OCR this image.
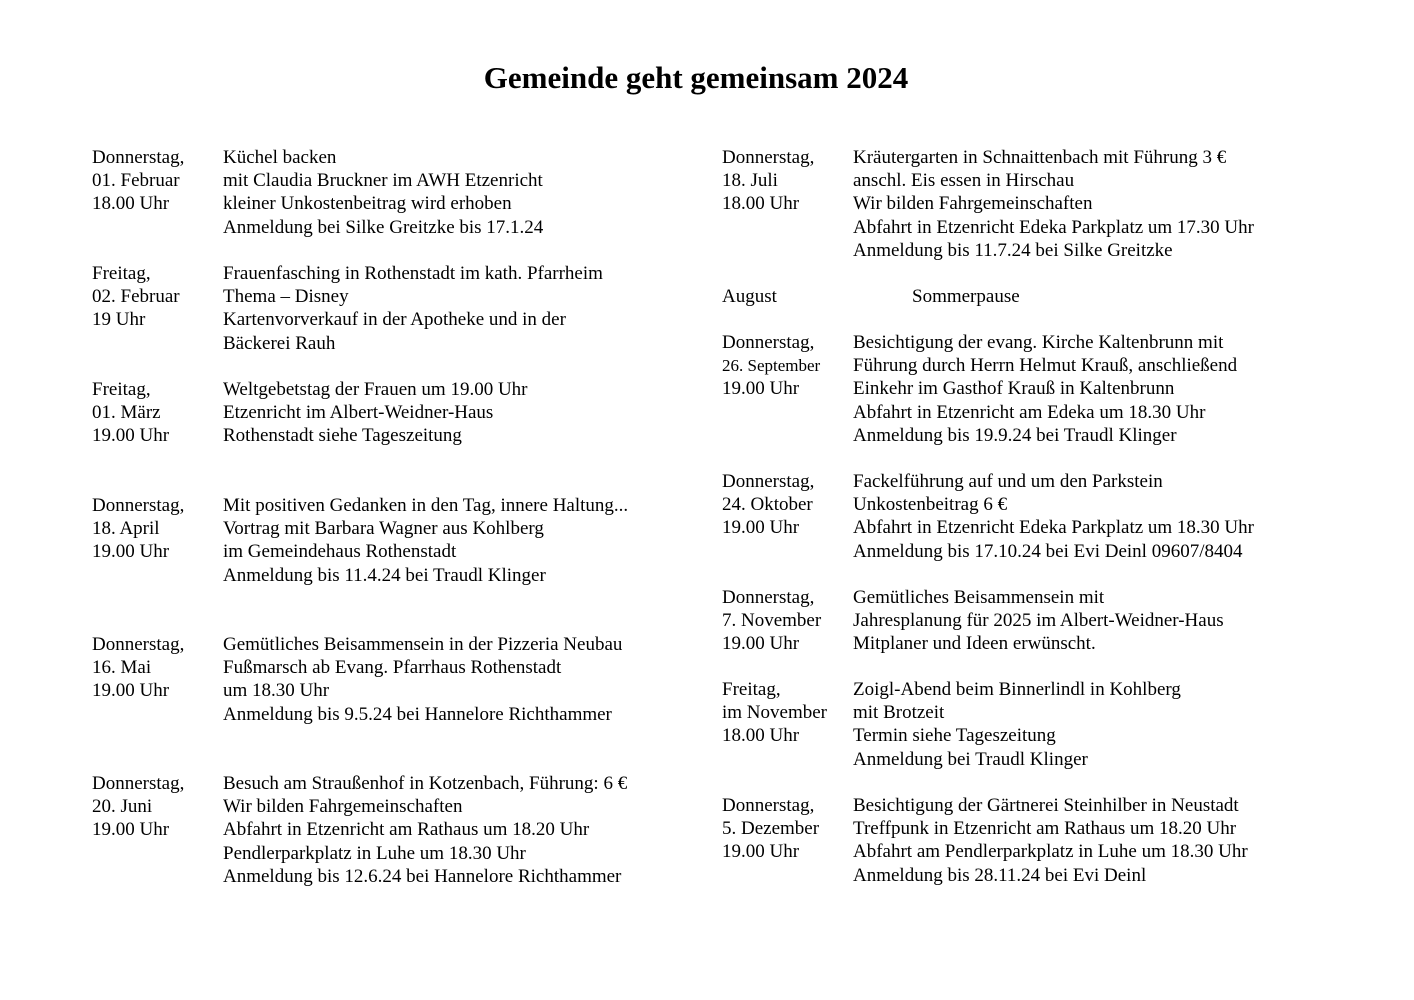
Gemeinde geht gemeinsam 2024
Donnerstag,
01. Februar
18.00 Uhr
Küchel backen
mit Claudia Bruckner im AWH Etzenricht
kleiner Unkostenbeitrag wird erhoben
Anmeldung bei Silke Greitzke bis 17.1.24
Freitag,
02. Februar
19 Uhr
Frauenfasching in Rothenstadt im kath. Pfarrheim
Thema – Disney
Kartenvorverkauf in der Apotheke und in der
Bäckerei Rauh
Freitag,
01. März
19.00 Uhr
Weltgebetstag der Frauen um 19.00 Uhr
Etzenricht im Albert-Weidner-Haus
Rothenstadt siehe Tageszeitung
Donnerstag,
18. April
19.00 Uhr
Mit positiven Gedanken in den Tag, innere Haltung...
Vortrag mit Barbara Wagner aus Kohlberg
im Gemeindehaus Rothenstadt
Anmeldung bis 11.4.24 bei Traudl Klinger
Donnerstag,
16. Mai
19.00 Uhr
Gemütliches Beisammensein in der Pizzeria Neubau
Fußmarsch ab Evang. Pfarrhaus Rothenstadt
um 18.30 Uhr
Anmeldung bis 9.5.24 bei Hannelore Richthammer
Donnerstag,
20. Juni
19.00 Uhr
Besuch am Straußenhof in Kotzenbach, Führung: 6 €
Wir bilden Fahrgemeinschaften
Abfahrt in Etzenricht am Rathaus um 18.20 Uhr
Pendlerparkplatz in Luhe um 18.30 Uhr
Anmeldung bis 12.6.24 bei Hannelore Richthammer
Donnerstag,
18. Juli
18.00 Uhr
Kräutergarten in Schnaittenbach mit Führung 3 €
anschl. Eis essen in Hirschau
Wir bilden Fahrgemeinschaften
Abfahrt in Etzenricht Edeka Parkplatz um 17.30 Uhr
Anmeldung bis 11.7.24 bei Silke Greitzke
August	Sommerpause
Donnerstag,
26. September
19.00 Uhr
Besichtigung der evang. Kirche Kaltenbrunn mit
Führung durch Herrn Helmut Krauß, anschließend
Einkehr im Gasthof Krauß in Kaltenbrunn
Abfahrt in Etzenricht am Edeka um 18.30 Uhr
Anmeldung bis 19.9.24 bei Traudl Klinger
Donnerstag,
24. Oktober
19.00 Uhr
Fackelführung auf und um den Parkstein
Unkostenbeitrag 6 €
Abfahrt in Etzenricht Edeka Parkplatz um 18.30 Uhr
Anmeldung bis 17.10.24 bei Evi Deinl 09607/8404
Donnerstag,
7. November
19.00 Uhr
Gemütliches Beisammensein mit
Jahresplanung für 2025 im Albert-Weidner-Haus
Mitplaner und Ideen erwünscht.
Freitag,
im November
18.00 Uhr
Zoigl-Abend beim Binnerlindl in Kohlberg
mit Brotzeit
Termin siehe Tageszeitung
Anmeldung bei Traudl Klinger
Donnerstag,
5. Dezember
19.00 Uhr
Besichtigung der Gärtnerei Steinhilber in Neustadt
Treffpunk in Etzenricht am Rathaus um 18.20 Uhr
Abfahrt am Pendlerparkplatz in Luhe um 18.30 Uhr
Anmeldung bis 28.11.24 bei Evi Deinl
